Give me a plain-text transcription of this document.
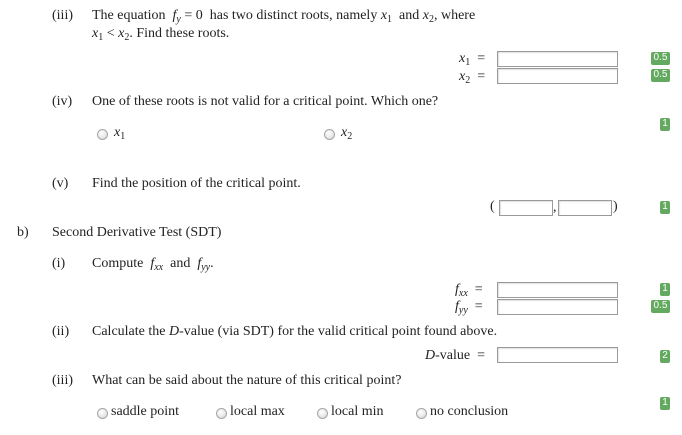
(iii) The equation $f_y = 0$ has two distinct roots, namely $x_1$ and $x_2$, where
$x_1 < x_2$. Find these roots.
$x_1$ =	0.5
$x_2$ =	0.5
(iv) One of these roots is not valid for a critical point. Which one?
1
$x_1$	$x_2$
(v) Find the position of the critical point.
(	,	)	1
b) Second Derivative Test (SDT)
(i) Compute $f_{xx}$ and $f_{yy}$.
$f_{xx}$ =	1
$f_{yy}$ =	0.5
(ii) Calculate the D-value (via SDT) for the valid critical point found above.
D-value =	2
(iii) What can be said about the nature of this critical point?
1
saddle point	local max	local min	no conclusion
